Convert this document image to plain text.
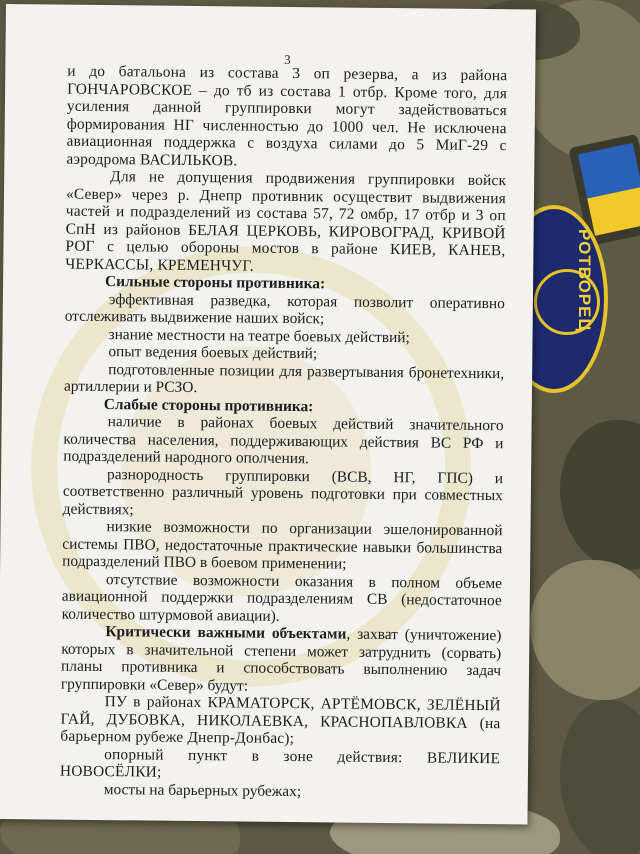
РОТВОРЕЦ
3

и до батальона из состава 3 оп резерва, а из района ГОНЧАРОВСКОЕ – до тб из состава 1 отбр. Кроме того, для усиления данной группировки могут задействоваться формирования НГ численностью до 1000 чел. Не исключена авиационная поддержка с воздуха силами до 5 МиГ-29 с аэродрома ВАСИЛЬКОВ.

Для не допущения продвижения группировки войск «Север» через р. Днепр противник осуществит выдвижения частей и подразделений из состава 57, 72 омбр, 17 отбр и 3 оп СпН из районов БЕЛАЯ ЦЕРКОВЬ, КИРОВОГРАД, КРИВОЙ РОГ с целью обороны мостов в районе КИЕВ, КАНЕВ, ЧЕРКАССЫ, КРЕМЕНЧУГ.

Сильные стороны противника:

эффективная разведка, которая позволит оперативно отслеживать выдвижение наших войск;

знание местности на театре боевых действий;

опыт ведения боевых действий;

подготовленные позиции для развертывания бронетехники, артиллерии и РСЗО.

Слабые стороны противника:

наличие в районах боевых действий значительного количества населения, поддерживающих действия ВС РФ и подразделений народного ополчения.

разнородность группировки (ВСВ, НГ, ГПС) и соответственно различный уровень подготовки при совместных действиях;

низкие возможности по организации эшелонированной системы ПВО, недостаточные практические навыки большинства подразделений ПВО в боевом применении;

отсутствие возможности оказания в полном объеме авиационной поддержки подразделениям СВ (недостаточное количество штурмовой авиации).

Критически важными объектами, захват (уничтожение) которых в значительной степени может затруднить (сорвать) планы противника и способствовать выполнению задач группировки «Север» будут:

ПУ в районах КРАМАТОРСК, АРТЁМОВСК, ЗЕЛЁНЫЙ ГАЙ, ДУБОВКА, НИКОЛАЕВКА, КРАСНОПАВЛОВКА (на барьерном рубеже Днепр-Донбас);

опорный пункт в зоне действия: ВЕЛИКИЕ НОВОСЁЛКИ;

мосты на барьерных рубежах;
